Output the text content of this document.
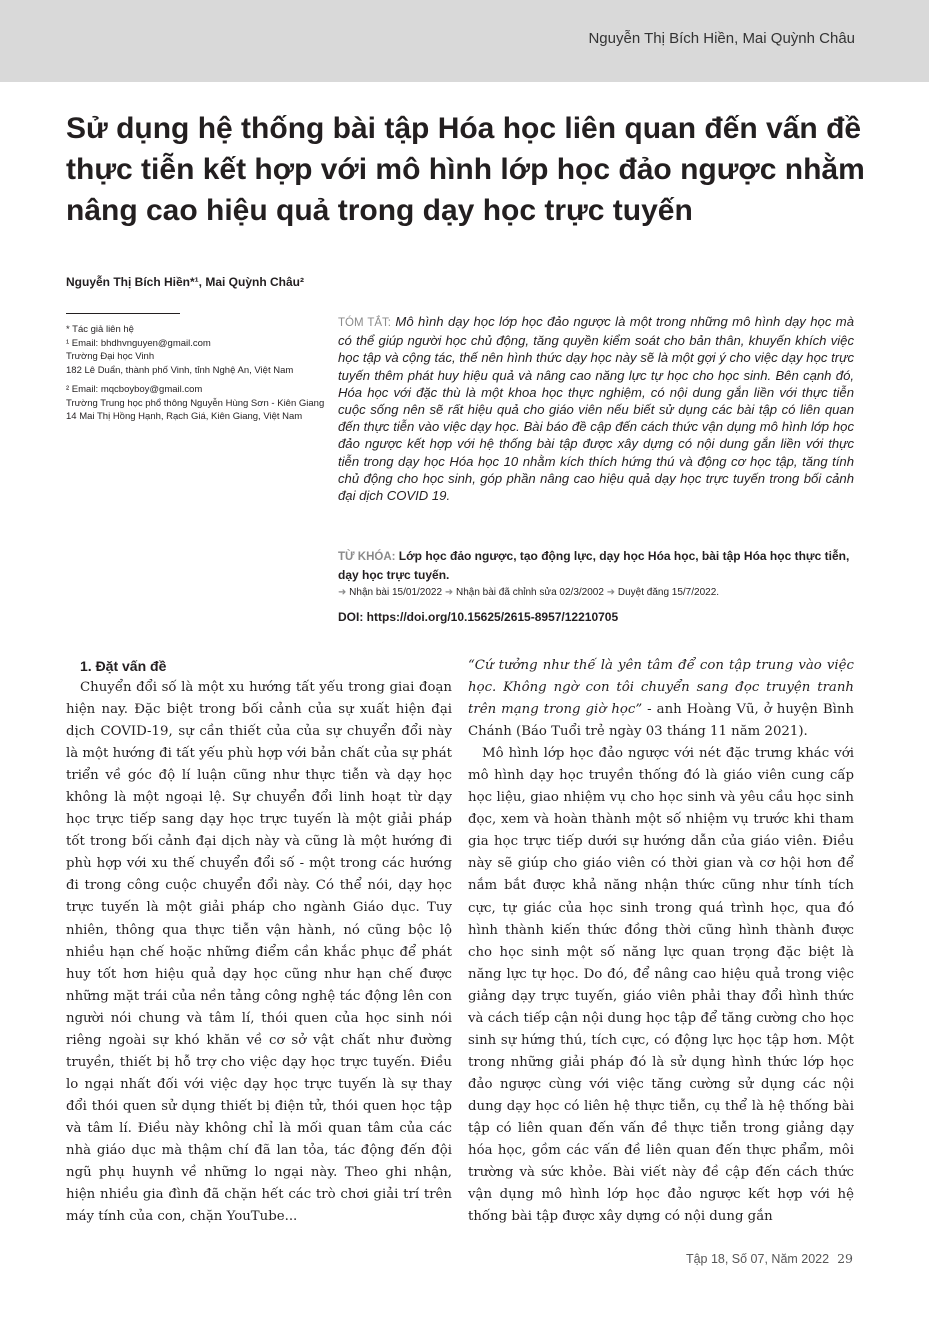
Nguyễn Thị Bích Hiền, Mai Quỳnh Châu
Sử dụng hệ thống bài tập Hóa học liên quan đến vấn đề thực tiễn kết hợp với mô hình lớp học đảo ngược nhằm nâng cao hiệu quả trong dạy học trực tuyến
Nguyễn Thị Bích Hiền*¹, Mai Quỳnh Châu²

* Tác giả liên hệ

¹ Email: bhdhvnguyen@gmail.com

Trường Đại học Vinh

182 Lê Duẩn, thành phố Vinh, tỉnh Nghệ An, Việt Nam

² Email: mqcboyboy@gmail.com

Trường Trung học phổ thông Nguyễn Hùng Sơn - Kiên Giang

14 Mai Thị Hồng Hạnh, Rạch Giá, Kiên Giang, Việt Nam

TÓM TẮT: Mô hình dạy học lớp học đảo ngược là một trong những mô hình dạy học mà có thể giúp người học chủ động, tăng quyền kiểm soát cho bản thân, khuyến khích việc học tập và cộng tác, thế nên hình thức dạy học này sẽ là một gợi ý cho việc dạy học trực tuyến thêm phát huy hiệu quả và nâng cao năng lực tự học cho học sinh. Bên cạnh đó, Hóa học với đặc thù là một khoa học thực nghiệm, có nội dung gắn liền với thực tiễn cuộc sống nên sẽ rất hiệu quả cho giáo viên nếu biết sử dụng các bài tập có liên quan đến thực tiễn vào việc dạy học. Bài báo đề cập đến cách thức vận dụng mô hình lớp học đảo ngược kết hợp với hệ thống bài tập được xây dựng có nội dung gắn liền với thực tiễn trong dạy học Hóa học 10 nhằm kích thích hứng thú và động cơ học tập, tăng tính chủ động cho học sinh, góp phần nâng cao hiệu quả dạy học trực tuyến trong bối cảnh đại dịch COVID 19.

TỪ KHÓA: Lớp học đảo ngược, tạo động lực, dạy học Hóa học, bài tập Hóa học thực tiễn, dạy học trực tuyến.

➜ Nhận bài 15/01/2022 ➜ Nhận bài đã chỉnh sửa 02/3/2002 ➜ Duyệt đăng 15/7/2022.
DOI: https://doi.org/10.15625/2615-8957/12210705
1. Đặt vấn đề

Chuyển đổi số là một xu hướng tất yếu trong giai đoạn hiện nay. Đặc biệt trong bối cảnh của sự xuất hiện đại dịch COVID-19, sự cần thiết của của sự chuyển đổi này là một hướng đi tất yếu phù hợp với bản chất của sự phát triển về góc độ lí luận cũng như thực tiễn và dạy học không là một ngoại lệ. Sự chuyển đổi linh hoạt từ dạy học trực tiếp sang dạy học trực tuyến là một giải pháp tốt trong bối cảnh đại dịch này và cũng là một hướng đi phù hợp với xu thế chuyển đổi số - một trong các hướng đi trong công cuộc chuyển đổi này. Có thể nói, dạy học trực tuyến là một giải pháp cho ngành Giáo dục. Tuy nhiên, thông qua thực tiễn vận hành, nó cũng bộc lộ nhiều hạn chế hoặc những điểm cần khắc phục để phát huy tốt hơn hiệu quả dạy học cũng như hạn chế được những mặt trái của nền tảng công nghệ tác động lên con người nói chung và tâm lí, thói quen của học sinh nói riêng ngoài sự khó khăn về cơ sở vật chất như đường truyền, thiết bị hỗ trợ cho việc dạy học trực tuyến. Điều lo ngại nhất đối với việc dạy học trực tuyến là sự thay đổi thói quen sử dụng thiết bị điện tử, thói quen học tập và tâm lí. Điều này không chỉ là mối quan tâm của các nhà giáo dục mà thậm chí đã lan tỏa, tác động đến đội ngũ phụ huynh về những lo ngại này. Theo ghi nhận, hiện nhiều gia đình đã chặn hết các trò chơi giải trí trên máy tính của con, chặn YouTube...

“Cứ tưởng như thế là yên tâm để con tập trung vào việc học. Không ngờ con tôi chuyển sang đọc truyện tranh trên mạng trong giờ học” - anh Hoàng Vũ, ở huyện Bình Chánh (Báo Tuổi trẻ ngày 03 tháng 11 năm 2021).

Mô hình lớp học đảo ngược với nét đặc trưng khác với mô hình dạy học truyền thống đó là giáo viên cung cấp học liệu, giao nhiệm vụ cho học sinh và yêu cầu học sinh đọc, xem và hoàn thành một số nhiệm vụ trước khi tham gia học trực tiếp dưới sự hướng dẫn của giáo viên. Điều này sẽ giúp cho giáo viên có thời gian và cơ hội hơn để nắm bắt được khả năng nhận thức cũng như tính tích cực, tự giác của học sinh trong quá trình học, qua đó hình thành kiến thức đồng thời cũng hình thành được cho học sinh một số năng lực quan trọng đặc biệt là năng lực tự học. Do đó, để nâng cao hiệu quả trong việc giảng dạy trực tuyến, giáo viên phải thay đổi hình thức và cách tiếp cận nội dung học tập để tăng cường cho học sinh sự hứng thú, tích cực, có động lực học tập hơn. Một trong những giải pháp đó là sử dụng hình thức lớp học đảo ngược cùng với việc tăng cường sử dụng các nội dung dạy học có liên hệ thực tiễn, cụ thể là hệ thống bài tập có liên quan đến vấn đề thực tiễn trong giảng dạy hóa học, gồm các vấn đề liên quan đến thực phẩm, môi trường và sức khỏe. Bài viết này đề cập đến cách thức vận dụng mô hình lớp học đảo ngược kết hợp với hệ thống bài tập được xây dựng có nội dung gắn

Tập 18, Số 07, Năm 2022 29
